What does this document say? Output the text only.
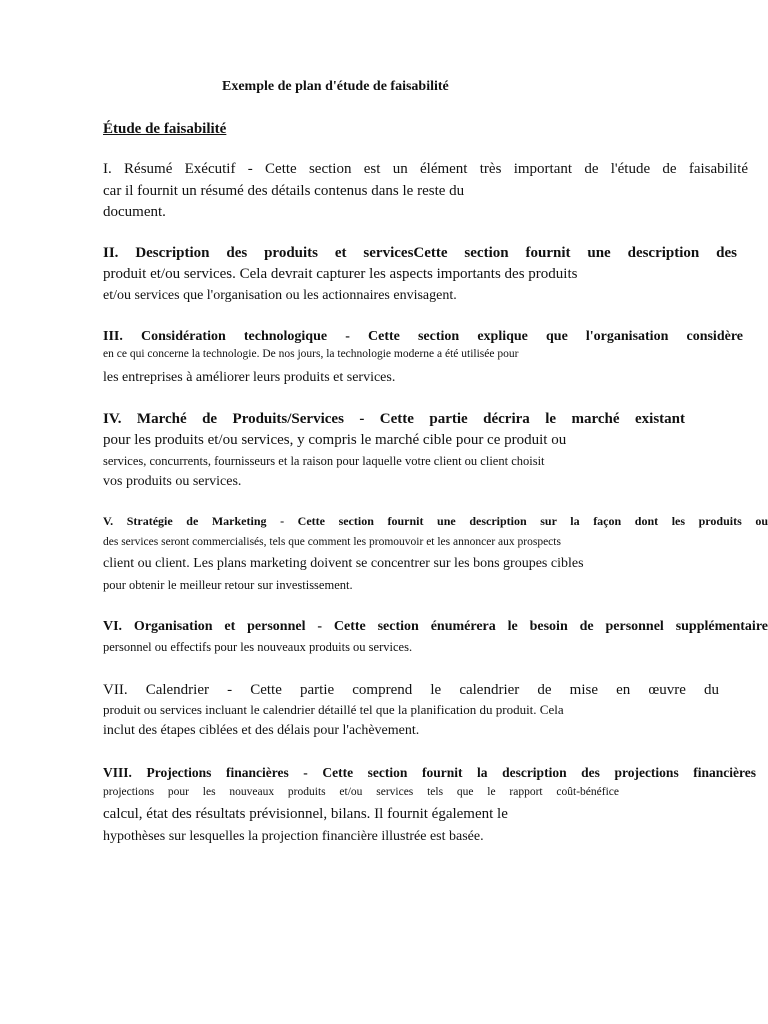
Exemple de plan d'étude de faisabilité
Étude de faisabilité
I. Résumé Exécutif - Cette section est un élément très important de l'étude de faisabilité
car il fournit un résumé des détails contenus dans le reste du
document.
II. Description des produits et servicesCette section fournit une description des
produit et/ou services. Cela devrait capturer les aspects importants des produits
et/ou services que l'organisation ou les actionnaires envisagent.
III. Considération technologique - Cette section explique que l'organisation considère
en ce qui concerne la technologie. De nos jours, la technologie moderne a été utilisée pour
les entreprises à améliorer leurs produits et services.
IV. Marché de Produits/Services - Cette partie décrira le marché existant
pour les produits et/ou services, y compris le marché cible pour ce produit ou
services, concurrents, fournisseurs et la raison pour laquelle votre client ou client choisit
vos produits ou services.
V. Stratégie de Marketing - Cette section fournit une description sur la façon dont les produits ou
des services seront commercialisés, tels que comment les promouvoir et les annoncer aux prospects
client ou client. Les plans marketing doivent se concentrer sur les bons groupes cibles
pour obtenir le meilleur retour sur investissement.
VI. Organisation et personnel - Cette section énumérera le besoin de personnel supplémentaire
personnel ou effectifs pour les nouveaux produits ou services.
VII. Calendrier - Cette partie comprend le calendrier de mise en œuvre du
produit ou services incluant le calendrier détaillé tel que la planification du produit. Cela
inclut des étapes ciblées et des délais pour l'achèvement.
VIII. Projections financières - Cette section fournit la description des projections financières
projections pour les nouveaux produits et/ou services tels que le rapport coût-bénéfice
calcul, état des résultats prévisionnel, bilans. Il fournit également le
hypothèses sur lesquelles la projection financière illustrée est basée.
